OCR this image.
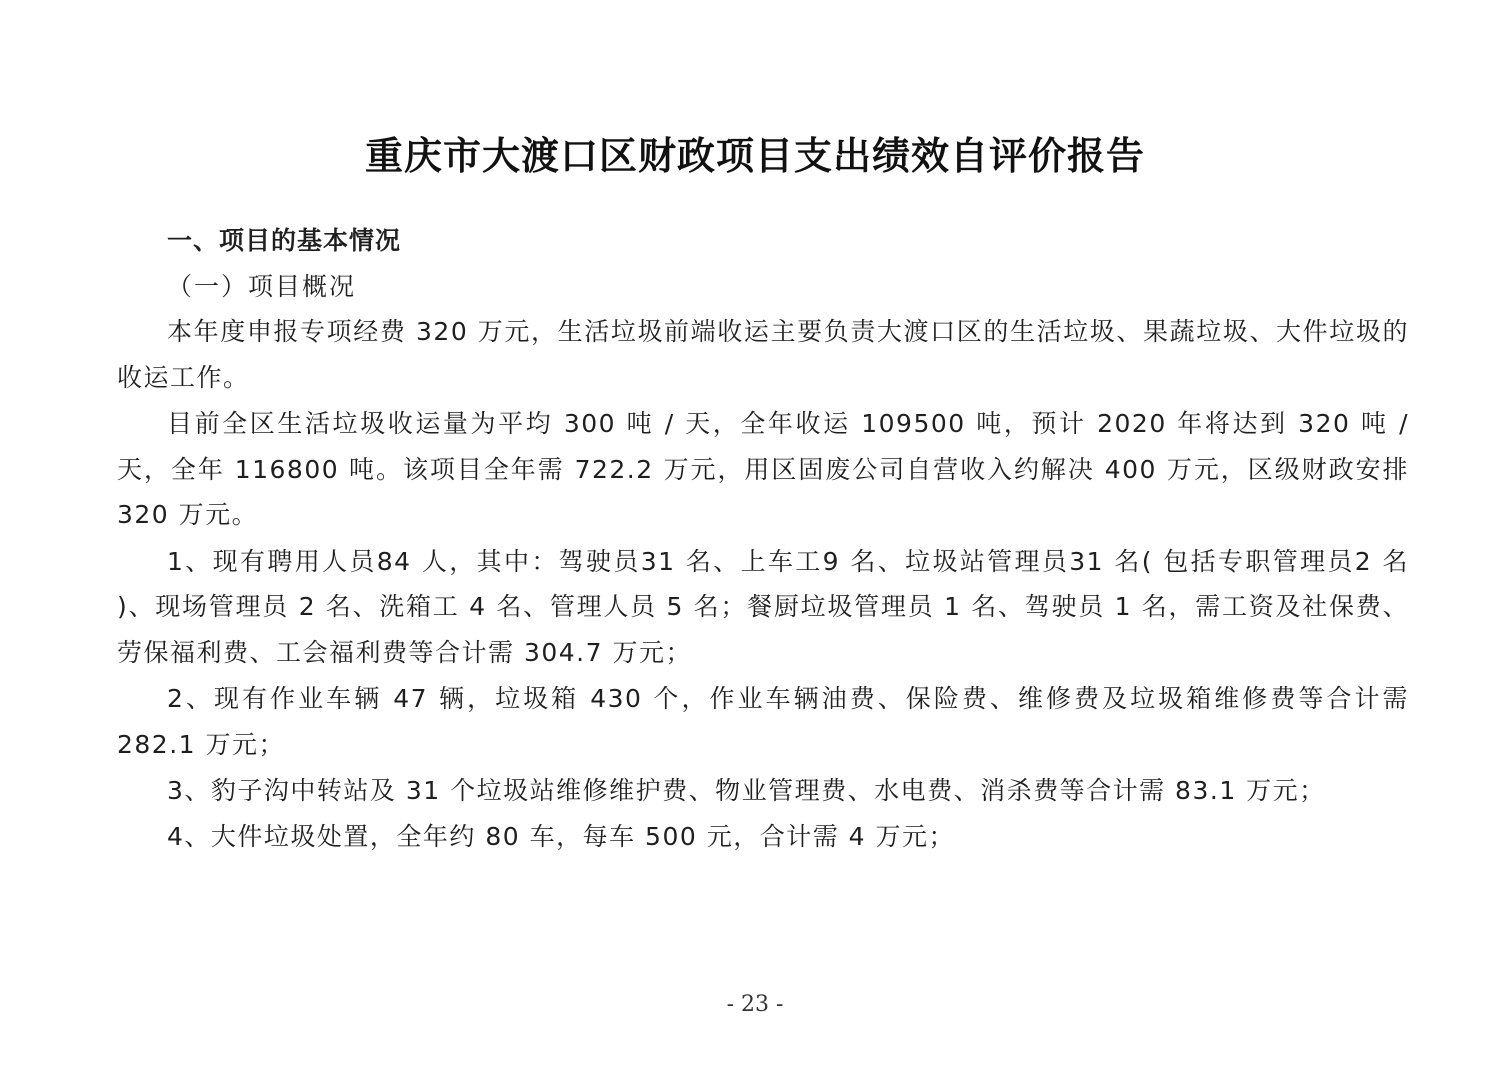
重庆市大渡口区财政项目支出绩效自评价报告

一、项目的基本情况

（一）项目概况

本年度申报专项经费 320 万元，生活垃圾前端收运主要负责大渡口区的生活垃圾、果蔬垃圾、大件垃圾的收运工作。

目前全区生活垃圾收运量为平均 300 吨 / 天，全年收运 109500 吨，预计 2020 年将达到 320 吨 / 天，全年 116800 吨。该项目全年需 722.2 万元，用区固废公司自营收入约解决 400 万元，区级财政安排 320 万元。

1、现有聘用人员84 人，其中：驾驶员31 名、上车工9 名、垃圾站管理员31 名( 包括专职管理员2 名 )、现场管理员 2 名、洗箱工 4 名、管理人员 5 名；餐厨垃圾管理员 1 名、驾驶员 1 名，需工资及社保费、劳保福利费、工会福利费等合计需 304.7 万元；

2、现有作业车辆 47 辆，垃圾箱 430 个，作业车辆油费、保险费、维修费及垃圾箱维修费等合计需 282.1 万元；

3、豹子沟中转站及 31 个垃圾站维修维护费、物业管理费、水电费、消杀费等合计需 83.1 万元；

4、大件垃圾处置，全年约 80 车，每车 500 元，合计需 4 万元；

- 23 -
